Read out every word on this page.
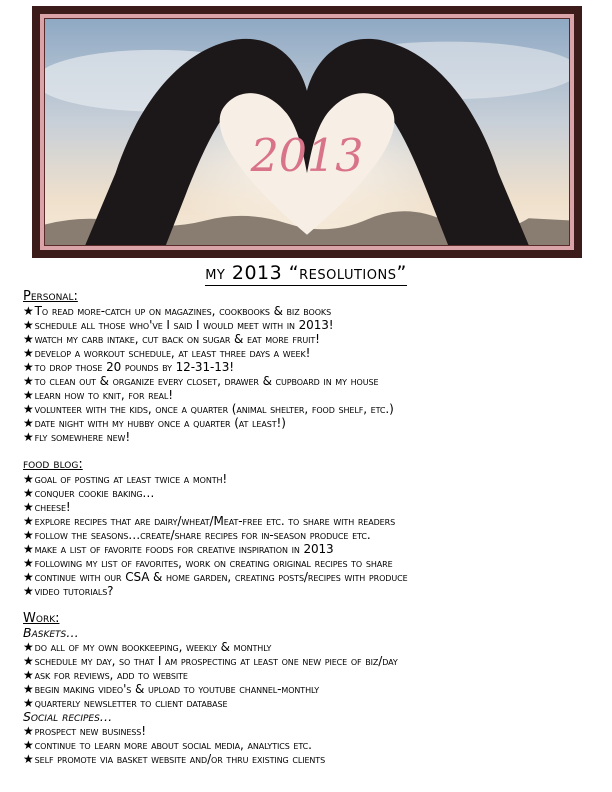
2013
my 2013 “resolutions”
Personal:
★To read more-catch up on magazines, cookbooks & biz books
★schedule all those who've I said I would meet with in 2013!
★watch my carb intake, cut back on sugar & eat more fruit!
★develop a workout schedule, at least three days a week!
★to drop those 20 pounds by 12-31-13!
★to clean out & organize every closet, drawer & cupboard in my house
★learn how to knit, for real!
★volunteer with the kids, once a quarter (animal shelter, food shelf, etc.)
★date night with my hubby once a quarter (at least!)
★fly somewhere new!
food blog:
★goal of posting at least twice a month!
★conquer cookie baking…
★cheese!
★explore recipes that are dairy/wheat/Meat-free etc. to share with readers
★follow the seasons…create/share recipes for in-season produce etc.
★make a list of favorite foods for creative inspiration in 2013
★following my list of favorites, work on creating original recipes to share
★continue with our CSA & home garden, creating posts/recipes with produce
★video tutorials?
Work:
Baskets…
★do all of my own bookkeeping, weekly & monthly
★schedule my day, so that I am prospecting at least one new piece of biz/day
★ask for reviews, add to website
★begin making video's & upload to youtube channel-monthly
★quarterly newsletter to client database
Social recipes…
★prospect new business!
★continue to learn more about social media, analytics etc.
★self promote via basket website and/or thru existing clients
